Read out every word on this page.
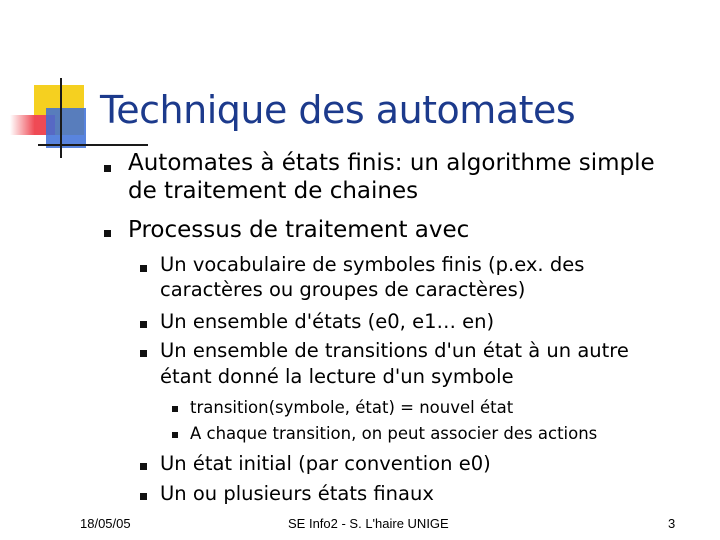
Technique des automates
Automates à états finis: un algorithme simple
de traitement de chaines
Processus de traitement avec
Un vocabulaire de symboles finis (p.ex. des
caractères ou groupes de caractères)
Un ensemble d'états (e0, e1… en)
Un ensemble de transitions d'un état à un autre
étant donné la lecture d'un symbole
transition(symbole, état) = nouvel état
A chaque transition, on peut associer des actions
Un état initial (par convention e0)
Un ou plusieurs états finaux
18/05/05	SE Info2 - S. L'haire UNIGE	3
